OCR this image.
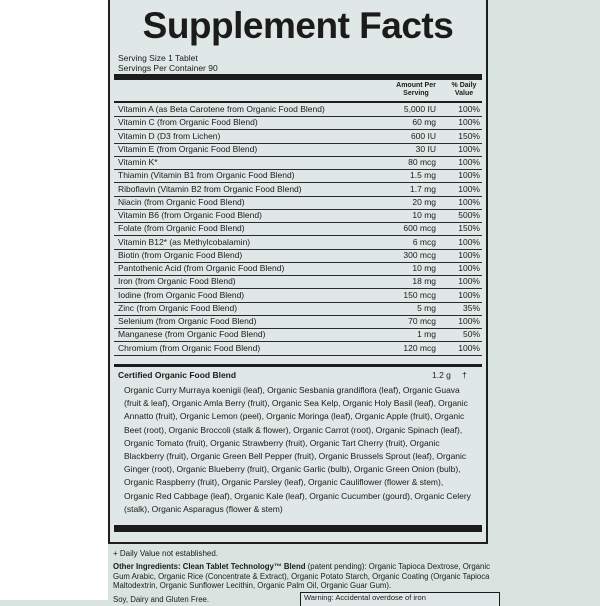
Supplement Facts
Serving Size 1 Tablet
Servings Per Container 90
Amount Per Serving
% Daily Value
Vitamin A (as Beta Carotene from Organic Food Blend)	5,000 IU	100%
Vitamin C (from Organic Food Blend)	60 mg	100%
Vitamin D (D3 from Lichen)	600 IU	150%
Vitamin E (from Organic Food Blend)	30 IU	100%
Vitamin K*	80 mcg	100%
Thiamin (Vitamin B1 from Organic Food Blend)	1.5 mg	100%
Riboflavin (Vitamin B2 from Organic Food Blend)	1.7 mg	100%
Niacin (from Organic Food Blend)	20 mg	100%
Vitamin B6 (from Organic Food Blend)	10 mg	500%
Folate (from Organic Food Blend)	600 mcg	150%
Vitamin B12* (as Methylcobalamin)	6 mcg	100%
Biotin (from Organic Food Blend)	300 mcg	100%
Pantothenic Acid (from Organic Food Blend)	10 mg	100%
Iron (from Organic Food Blend)	18 mg	100%
Iodine (from Organic Food Blend)	150 mcg	100%
Zinc (from Organic Food Blend)	5 mg	35%
Selenium (from Organic Food Blend)	70 mcg	100%
Manganese (from Organic Food Blend)	1 mg	50%
Chromium (from Organic Food Blend)	120 mcg	100%
Certified Organic Food Blend	1.2 g †
Organic Curry Murraya koenigii (leaf), Organic Sesbania grandiflora (leaf), Organic Guava (fruit & leaf), Organic Amla Berry (fruit), Organic Sea Kelp, Organic Holy Basil (leaf), Organic Annatto (fruit), Organic Lemon (peel), Organic Moringa (leaf), Organic Apple (fruit), Organic Beet (root), Organic Broccoli (stalk & flower), Organic Carrot (root), Organic Spinach (leaf), Organic Tomato (fruit), Organic Strawberry (fruit), Organic Tart Cherry (fruit), Organic Blackberry (fruit), Organic Green Bell Pepper (fruit), Organic Brussels Sprout (leaf), Organic Ginger (root), Organic Blueberry (fruit), Organic Garlic (bulb), Organic Green Onion (bulb), Organic Raspberry (fruit), Organic Parsley (leaf), Organic Cauliflower (flower & stem), Organic Red Cabbage (leaf), Organic Kale (leaf), Organic Cucumber (gourd), Organic Celery (stalk), Organic Asparagus (flower & stem)
+ Daily Value not established.
Other Ingredients: Clean Tablet Technology™ Blend (patent pending): Organic Tapioca Dextrose, Organic Gum Arabic, Organic Rice (Concentrate & Extract), Organic Potato Starch, Organic Coating (Organic Tapioca Maltodextrin, Organic Sunflower Lecithin, Organic Palm Oil, Organic Guar Gum).
Soy, Dairy and Gluten Free.	Warning: Accidental overdose of iron
